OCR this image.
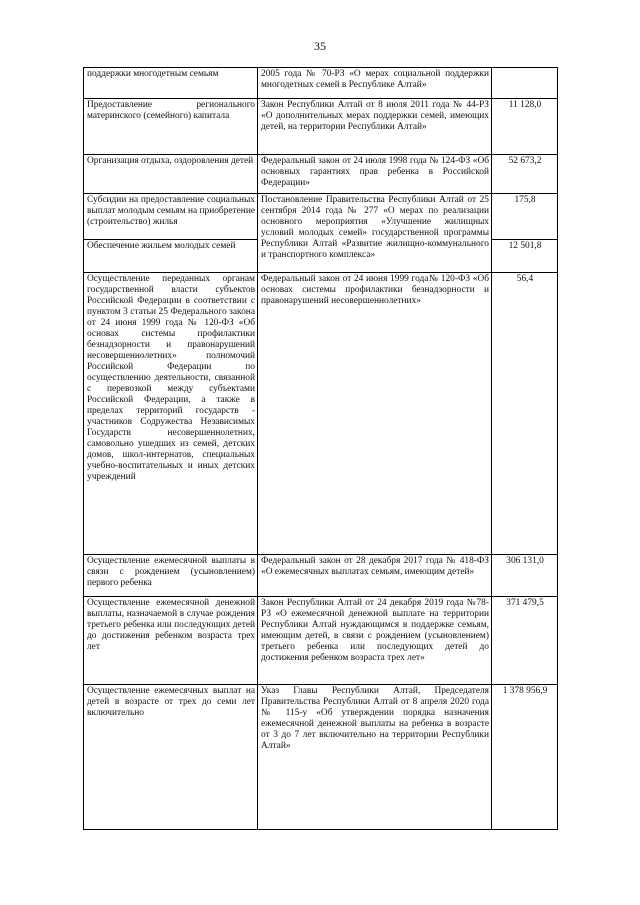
35
поддержки многодетным семьям	2005 года № 70-РЗ «О мерах социальной поддержки многодетных семей в Республике Алтай»	
Предоставление регионального материнского (семейного) капитала	Закон Республики Алтай от 8 июля 2011 года № 44-РЗ «О дополнительных мерах поддержки семей, имеющих детей, на территории Республики Алтай»	11 128,0
Организация отдыха, оздоровления детей	Федеральный закон от 24 июля 1998 года № 124-ФЗ «Об основных гарантиях прав ребенка в Российской Федерации»	52 673,2
Субсидии на предоставление социальных выплат молодым семьям на приобретение (строительство) жилья	Постановление Правительства Республики Алтай от 25 сентября 2014 года № 277 «О мерах по реализации основного мероприятия «Улучшение жилищных условий молодых семей» государственной программы Республики Алтай «Развитие жилищно-коммунального и транспортного комплекса»	175,8
Обеспечение жильем молодых семей		12 501,8
Осуществление переданных органам государственной власти субъектов Российской Федерации в соответствии с пунктом 3 статьи 25 Федерального закона от 24 июня 1999 года № 120-ФЗ «Об основах системы профилактики безнадзорности и правонарушений несовершеннолетних» полномочий Российской Федерации по осуществлению деятельности, связанной с перевозкой между субъектами Российской Федерации, а также в пределах территорий государств - участников Содружества Независимых Государств несовершеннолетних, самовольно ушедших из семей, детских домов, школ-интернатов, специальных учебно-воспитательных и иных детских учреждений	Федеральный закон от 24 июня 1999 года№ 120-ФЗ «Об основах системы профилактики безнадзорности и правонарушений несовершеннолетних»	56,4
Осуществление ежемесячной выплаты в связи с рождением (усыновлением) первого ребенка	Федеральный закон от 28 декабря 2017 года № 418-ФЗ «О ежемесячных выплатах семьям, имеющим детей»	306 131,0
Осуществление ежемесячной денежной выплаты, назначаемой в случае рождения третьего ребенка или последующих детей до достижения ребенком возраста трех лет	Закон Республики Алтай от 24 декабря 2019 года №78-РЗ «О ежемесячной денежной выплате на территории Республики Алтай нуждающимся в поддержке семьям, имеющим детей, в связи с рождением (усыновлением) третьего ребенка или последующих детей до достижения ребенком возраста трех лет»	371 479,5
Осуществление ежемесячных выплат на детей в возрасте от трех до семи лет включительно	Указ Главы Республики Алтай, Председателя Правительства Республики Алтай от 8 апреля 2020 года № 115-у «Об утверждении порядка назначения ежемесячной денежной выплаты на ребенка в возрасте от 3 до 7 лет включительно на территории Республики Алтай»	1 378 956,9
